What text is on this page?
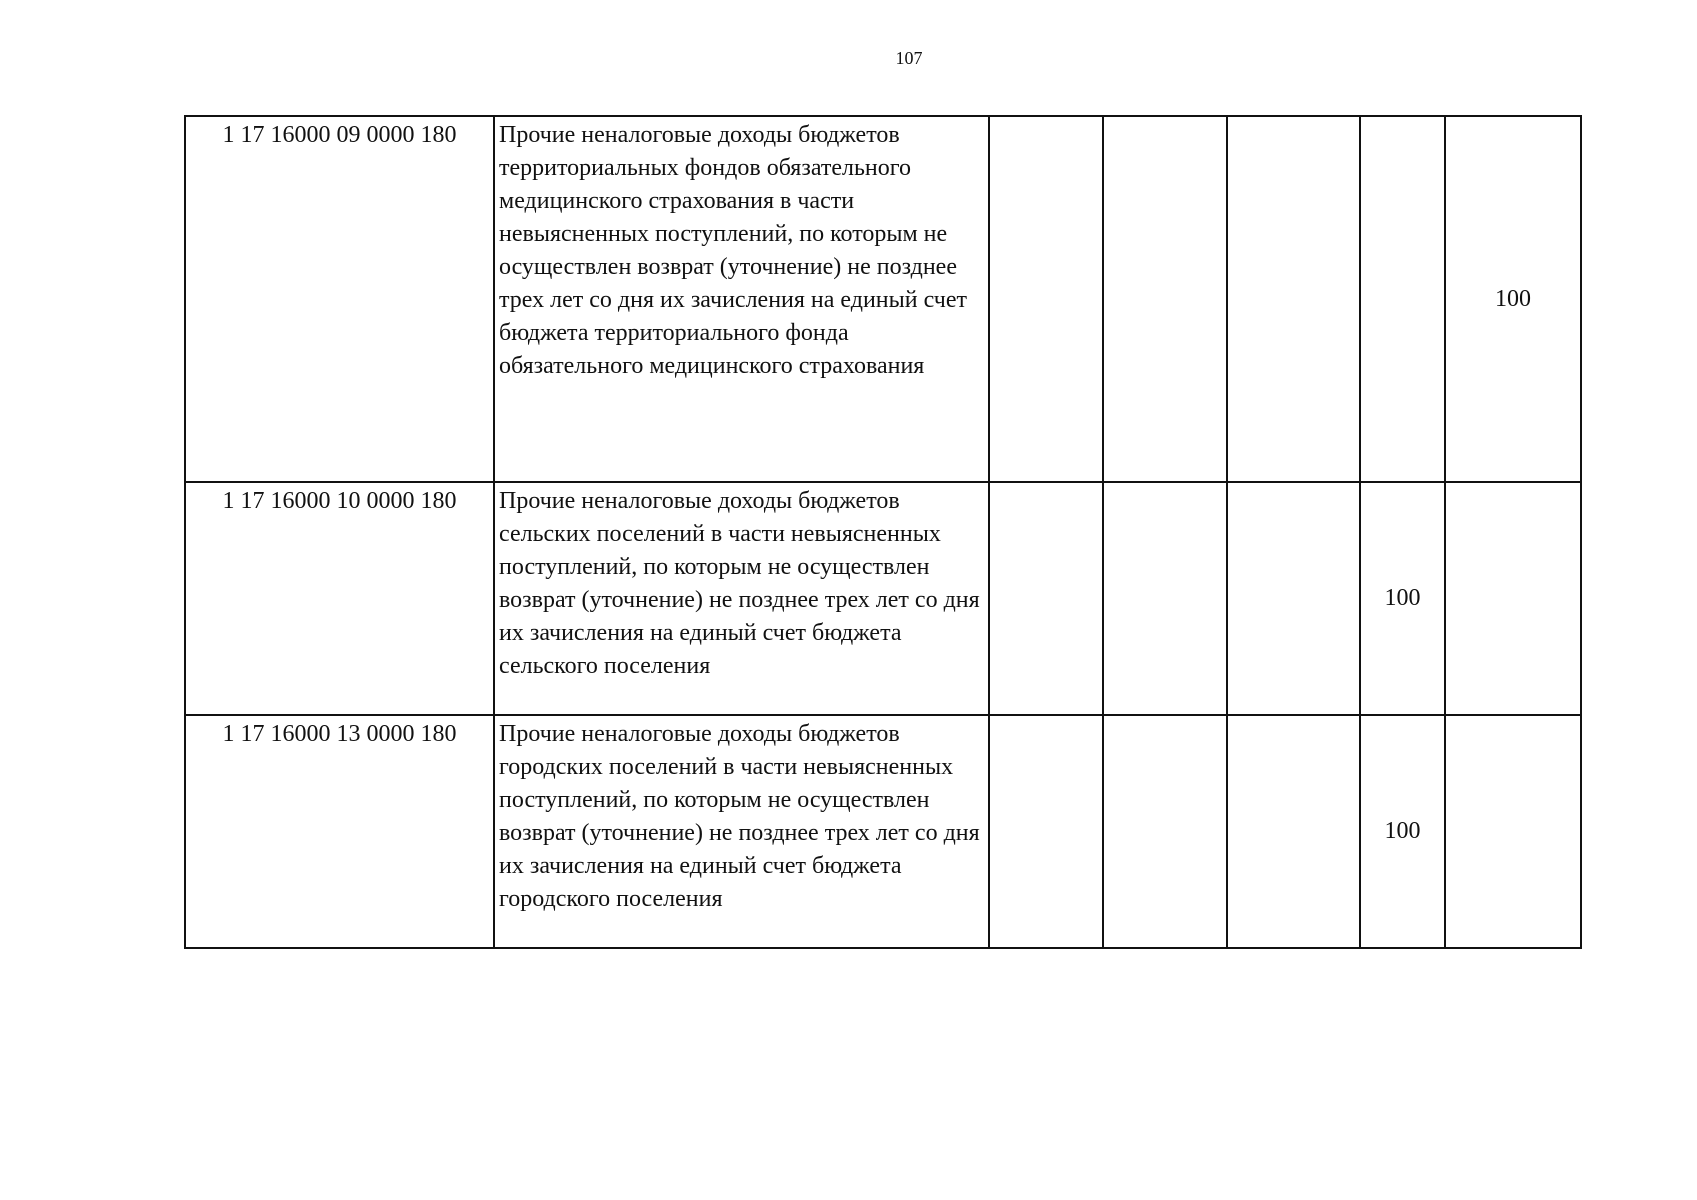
107
1 17 16000 09 0000 180	Прочие неналоговые доходы бюджетов территориальных фондов обязательного медицинского страхования в части невыясненных поступлений, по которым не осуществлен возврат (уточнение) не позднее трех лет со дня их зачисления на единый счет бюджета территориального фонда обязательного медицинского страхования					100
1 17 16000 10 0000 180	Прочие неналоговые доходы бюджетов сельских поселений в части невыясненных поступлений, по которым не осуществлен возврат (уточнение) не позднее трех лет со дня их зачисления на единый счет бюджета сельского поселения				100	
1 17 16000 13 0000 180	Прочие неналоговые доходы бюджетов городских поселений в части невыясненных поступлений, по которым не осуществлен возврат (уточнение) не позднее трех лет со дня их зачисления на единый счет бюджета городского поселения				100	
